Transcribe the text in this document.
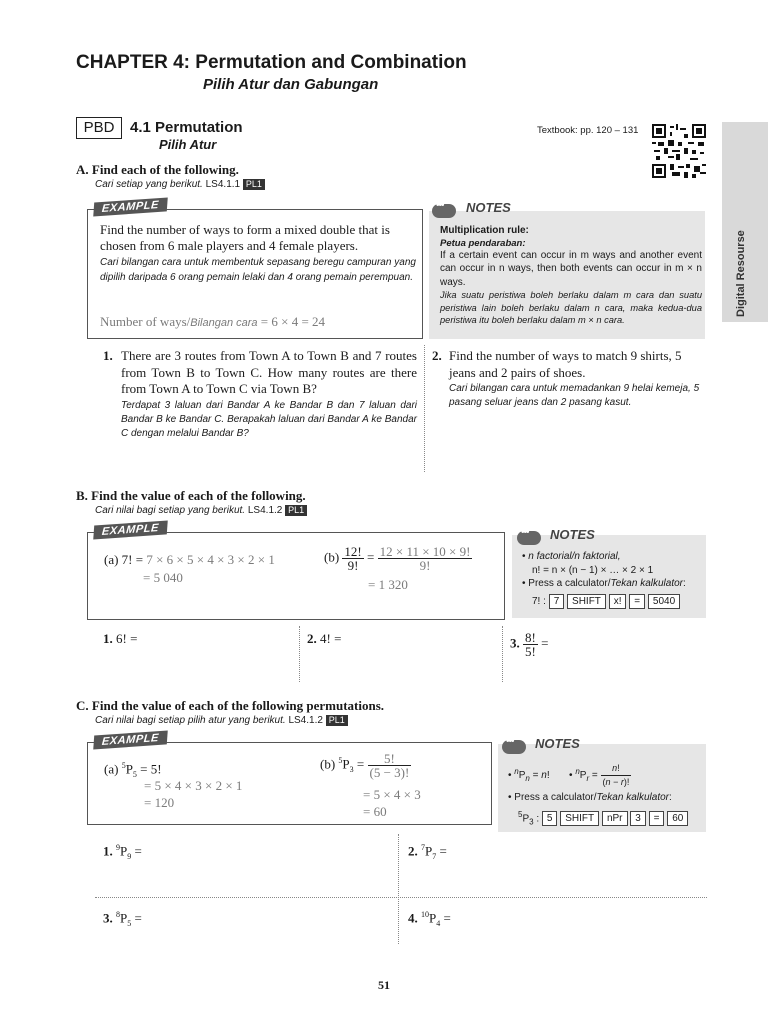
CHAPTER 4: Permutation and Combination
Pilih Atur dan Gabungan
PBD	4.1 Permutation
Pilih Atur
Textbook: pp. 120 – 131
Digital Resourse
A. Find each of the following.
Cari setiap yang berikut. LS4.1.1 PL1
EXAMPLE
Find the number of ways to form a mixed double that is chosen from 6 male players and 4 female players.
Cari bilangan cara untuk membentuk sepasang beregu campuran yang dipilih daripada 6 orang pemain lelaki dan 4 orang pemain perempuan.
Number of ways/Bilangan cara = 6 × 4 = 24
•••
NOTES
Multiplication rule:
Petua pendaraban:
If a certain event can occur in m ways and another event can occur in n ways, then both events can occur in m × n ways.
Jika suatu peristiwa boleh berlaku dalam m cara dan suatu peristiwa lain boleh berlaku dalam n cara, maka kedua-dua peristiwa itu boleh berlaku dalam m × n cara.
1. There are 3 routes from Town A to Town B and 7 routes from Town B to Town C. How many routes are there from Town A to Town C via Town B?
Terdapat 3 laluan dari Bandar A ke Bandar B dan 7 laluan dari Bandar B ke Bandar C. Berapakah laluan dari Bandar A ke Bandar C dengan melalui Bandar B?
2. Find the number of ways to match 9 shirts, 5 jeans and 2 pairs of shoes.
Cari bilangan cara untuk memadankan 9 helai kemeja, 5 pasang seluar jeans dan 2 pasang kasut.
B. Find the value of each of the following.
Cari nilai bagi setiap yang berikut. LS4.1.2 PL1
EXAMPLE
(a) 7! = 7 × 6 × 5 × 4 × 3 × 2 × 1
= 5 040
$(b) \frac{12!}{9!} = \frac{12 \times 11 \times 10 \times 9!}{9!}$
= 1 320
•••
NOTES
• n factorial/n faktorial,
n! = n × (n − 1) × … × 2 × 1
• Press a calculator/Tekan kalkulator:
7! : 7 SHIFT x! = 5040
1. 6! =	2. 4! =	3. $\frac{8!}{5!}$ =
C. Find the value of each of the following permutations.
Cari nilai bagi setiap pilih atur yang berikut. LS4.1.2 PL1
EXAMPLE
(a) $^5P_5 = 5$!
= 5 × 4 × 3 × 2 × 1
= 120
(b) $^5P_3 = \frac{5!}{(5 - 3)!}$
= 5 × 4 × 3
= 60
•••
NOTES
• $^nP_n = n$!       • $^nP_r = \frac{n!}{(n - r)!}$
• Press a calculator/Tekan kalkulator:
$^5P_3$ : 5 SHIFT nPr 3 = 60
1. $^9P_9$ =	2. $^7P_7$ =
3. $^8P_5$ =	4. $^{10}P_4$ =
51
